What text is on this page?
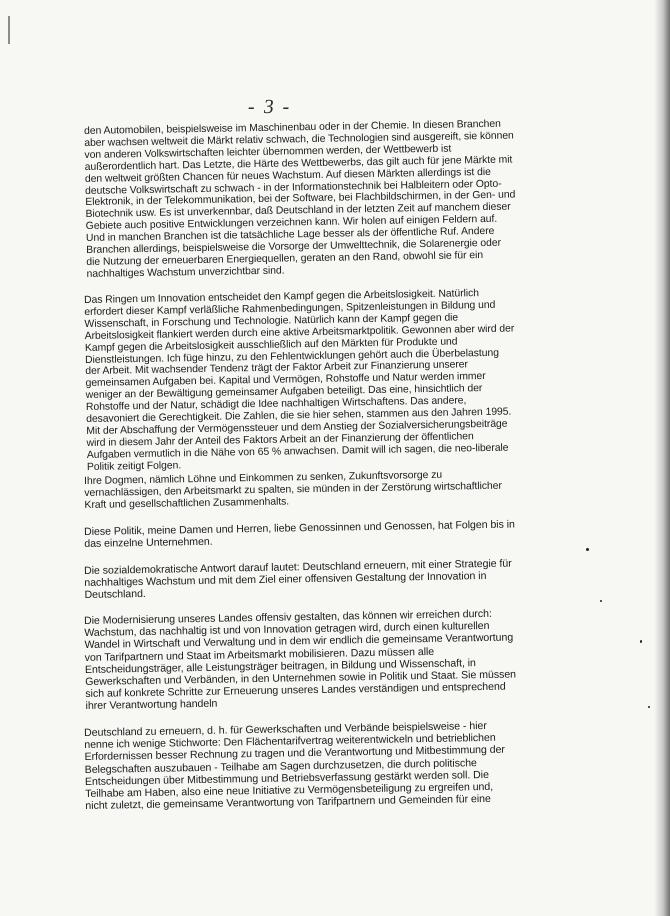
- 3 -

den Automobilen, beispielsweise im Maschinenbau oder in der Chemie. In diesen Branchen aber wachsen weltweit die Märkt relativ schwach, die Technologien sind ausgereift, sie können von anderen Volkswirtschaften leichter übernommen werden, der Wettbewerb ist außerordentlich hart. Das Letzte, die Härte des Wettbewerbs, das gilt auch für jene Märkte mit den weltweit größten Chancen für neues Wachstum. Auf diesen Märkten allerdings ist die deutsche Volkswirtschaft zu schwach - in der Informationstechnik bei Halbleitern oder Opto-Elektronik, in der Telekommunikation, bei der Software, bei Flachbildschirmen, in der Gen- und Biotechnik usw. Es ist unverkennbar, daß Deutschland in der letzten Zeit auf manchem dieser Gebiete auch positive Entwicklungen verzeichnen kann. Wir holen auf einigen Feldern auf. Und in manchen Branchen ist die tatsächliche Lage besser als der öffentliche Ruf. Andere Branchen allerdings, beispielsweise die Vorsorge der Umwelttechnik, die Solarenergie oder die Nutzung der erneuerbaren Energiequellen, geraten an den Rand, obwohl sie für ein nachhaltiges Wachstum unverzichtbar sind.

Das Ringen um Innovation entscheidet den Kampf gegen die Arbeitslosigkeit. Natürlich erfordert dieser Kampf verläßliche Rahmenbedingungen, Spitzenleistungen in Bildung und Wissenschaft, in Forschung und Technologie. Natürlich kann der Kampf gegen die Arbeitslosigkeit flankiert werden durch eine aktive Arbeitsmarktpolitik. Gewonnen aber wird der Kampf gegen die Arbeitslosigkeit ausschließlich auf den Märkten für Produkte und Dienstleistungen. Ich füge hinzu, zu den Fehlentwicklungen gehört auch die Überbelastung der Arbeit. Mit wachsender Tendenz trägt der Faktor Arbeit zur Finanzierung unserer gemeinsamen Aufgaben bei. Kapital und Vermögen, Rohstoffe und Natur werden immer weniger an der Bewältigung gemeinsamer Aufgaben beteiligt. Das eine, hinsichtlich der Rohstoffe und der Natur, schädigt die Idee nachhaltigen Wirtschaftens. Das andere, desavoniert die Gerechtigkeit. Die Zahlen, die sie hier sehen, stammen aus den Jahren 1995. Mit der Abschaffung der Vermögenssteuer und dem Anstieg der Sozialversicherungsbeiträge wird in diesem Jahr der Anteil des Faktors Arbeit an der Finanzierung der öffentlichen Aufgaben vermutlich in die Nähe von 65 % anwachsen. Damit will ich sagen, die neo-liberale Politik zeitigt Folgen.

Ihre Dogmen, nämlich Löhne und Einkommen zu senken, Zukunftsvorsorge zu vernachlässigen, den Arbeitsmarkt zu spalten, sie münden in der Zerstörung wirtschaftlicher Kraft und gesellschaftlichen Zusammenhalts.

Diese Politik, meine Damen und Herren, liebe Genossinnen und Genossen, hat Folgen bis in das einzelne Unternehmen.

Die sozialdemokratische Antwort darauf lautet: Deutschland erneuern, mit einer Strategie für nachhaltiges Wachstum und mit dem Ziel einer offensiven Gestaltung der Innovation in Deutschland.

Die Modernisierung unseres Landes offensiv gestalten, das können wir erreichen durch: Wachstum, das nachhaltig ist und von Innovation getragen wird, durch einen kulturellen Wandel in Wirtschaft und Verwaltung und in dem wir endlich die gemeinsame Verantwortung von Tarifpartnern und Staat im Arbeitsmarkt mobilisieren. Dazu müssen alle Entscheidungsträger, alle Leistungsträger beitragen, in Bildung und Wissenschaft, in Gewerkschaften und Verbänden, in den Unternehmen sowie in Politik und Staat. Sie müssen sich auf konkrete Schritte zur Erneuerung unseres Landes verständigen und entsprechend ihrer Verantwortung handeln

Deutschland zu erneuern, d. h. für Gewerkschaften und Verbände beispielsweise - hier nenne ich wenige Stichworte: Den Flächentarifvertrag weiterentwickeln und betrieblichen Erfordernissen besser Rechnung zu tragen und die Verantwortung und Mitbestimmung der Belegschaften auszubauen - Teilhabe am Sagen durchzusetzen, die durch politische Entscheidungen über Mitbestimmung und Betriebsverfassung gestärkt werden soll. Die Teilhabe am Haben, also eine neue Initiative zu Vermögensbeteiligung zu ergreifen und, nicht zuletzt, die gemeinsame Verantwortung von Tarifpartnern und Gemeinden für eine
